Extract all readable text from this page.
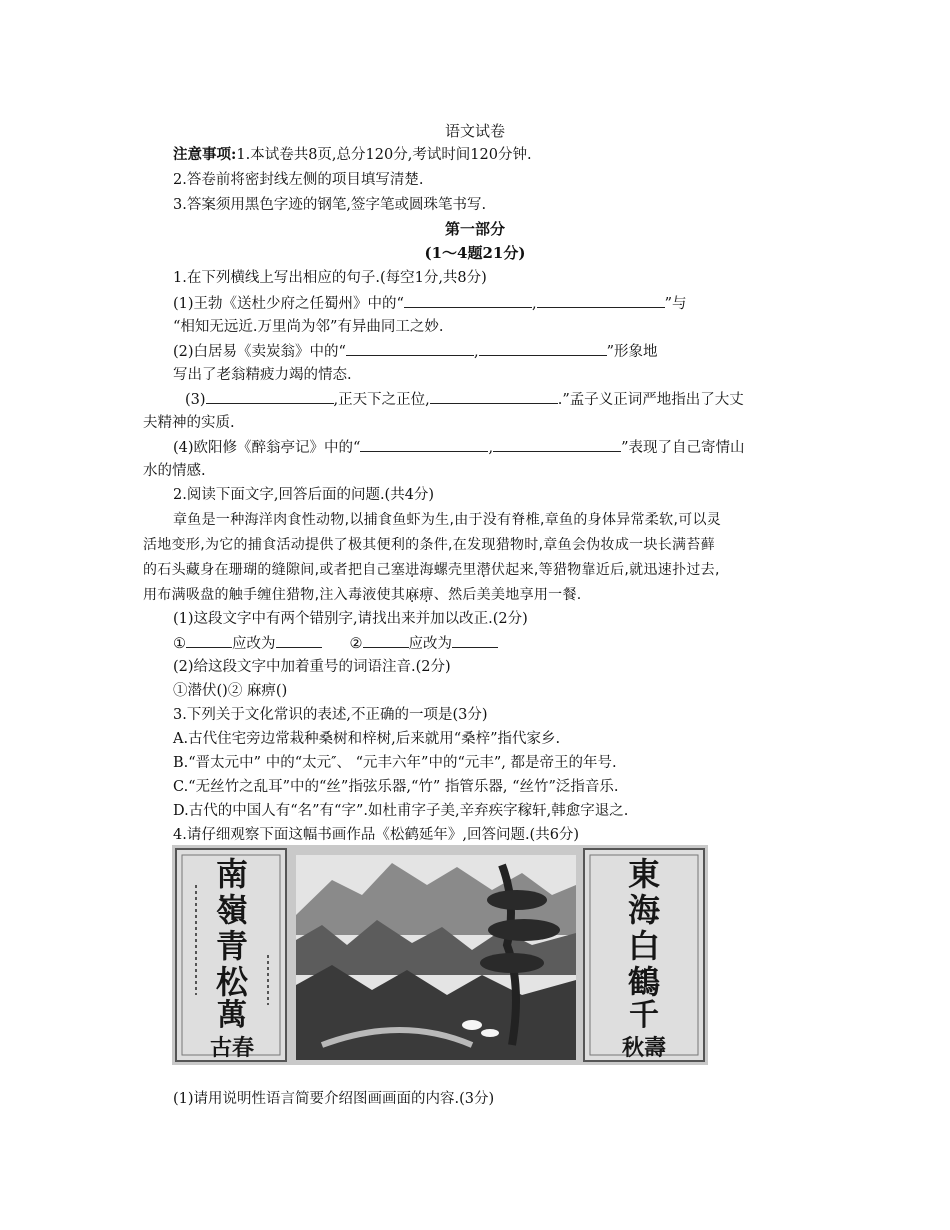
语文试卷
注意事项:1.本试卷共8页,总分120分,考试时间120分钟.
2.答卷前将密封线左侧的项目填写清楚.
3.答案须用黑色字迹的钢笔,签字笔或圆珠笔书写.
第一部分
(1～4题21分)
1.在下列横线上写出相应的句子.(每空1分,共8分)
(1)王勃《送杜少府之任蜀州》中的“	,	”与
“相知无远近.万里尚为邻”有异曲同工之妙.
(2)白居易《卖炭翁》中的“	,	”形象地
写出了老翁精疲力竭的情态.
(3)	,正天下之正位,	.”孟子义正词严地指出了大丈
夫精神的实质.
(4)欧阳修《醉翁亭记》中的“	,	”表现了自己寄情山
水的情感.
2.阅读下面文字,回答后面的问题.(共4分)
章鱼是一种海洋肉食性动物,以捕食鱼虾为生,由于没有脊椎,章鱼的身体异常柔软,可以灵
活地变形,为它的捕食活动提供了极其便利的条件,在发现猎物时,章鱼会伪妆成一块长满苔藓
的石头藏身在珊瑚的缝隙间,或者把自己塞进海螺壳里潜伏起来,等猎物靠近后,就迅速扑过去,
用布满吸盘的触手缠住猎物,注入毒液使其麻痹、然后美美地享用一餐.
(1)这段文字中有两个错别字,请找出来并加以改正.(2分)
①	应改为	②	应改为
(2)给这段文字中加着重号的词语注音.(2分)
①潜伏()② 麻痹()
3.下列关于文化常识的表述,不正确的一项是(3分)
A.古代住宅旁边常栽种桑树和梓树,后来就用“桑梓”指代家乡.
B.“晋太元中” 中的“太元″、 “元丰六年”中的“元丰”, 都是帝王的年号.
C.“无丝竹之乱耳”中的“丝”指弦乐器,“竹” 指管乐器, “丝竹”泛指音乐.
D.古代的中国人有“名”有“字”.如杜甫字子美,辛弃疾字稼轩,韩愈字退之.
4.请仔细观察下面这幅书画作品《松鹤延年》,回答问题.(共6分)
南
嶺
青
松
萬
古春
東
海
白
鶴
千
秋壽
(1)请用说明性语言简要介绍图画画面的内容.(3分)
